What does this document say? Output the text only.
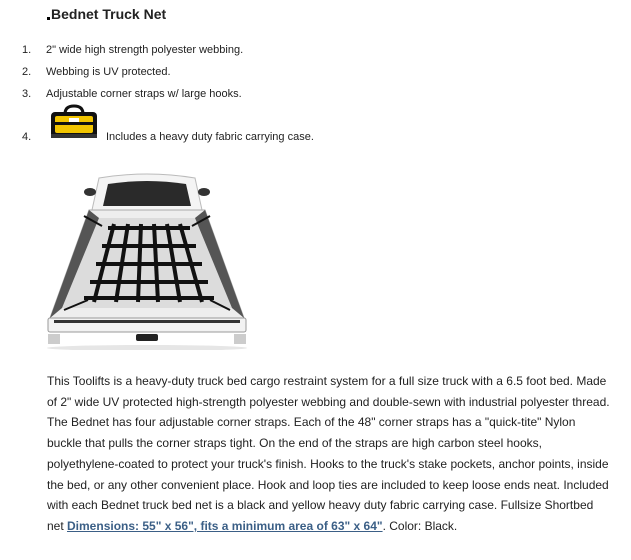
Bednet Truck Net
1.	2" wide high strength polyester webbing.
2.	Webbing is UV protected.
3.	Adjustable corner straps w/ large hooks.
4.	Includes a heavy duty fabric carrying case.

This Toolifts is a heavy-duty truck bed cargo restraint system for a full size truck with a 6.5 foot bed. Made of 2" wide UV protected high-strength polyester webbing and double-sewn with industrial polyester thread. The Bednet has four adjustable corner straps. Each of the 48" corner straps has a "quick-tite" Nylon buckle that pulls the corner straps tight. On the end of the straps are high carbon steel hooks, polyethylene-coated to protect your truck's finish. Hooks to the truck's stake pockets, anchor points, inside the bed, or any other convenient place. Hook and loop ties are included to keep loose ends neat. Included with each Bednet truck bed net is a black and yellow heavy duty fabric carrying case. Fullsize Shortbed net Dimensions: 55" x 56", fits a minimum area of 63" x 64". Color: Black.
